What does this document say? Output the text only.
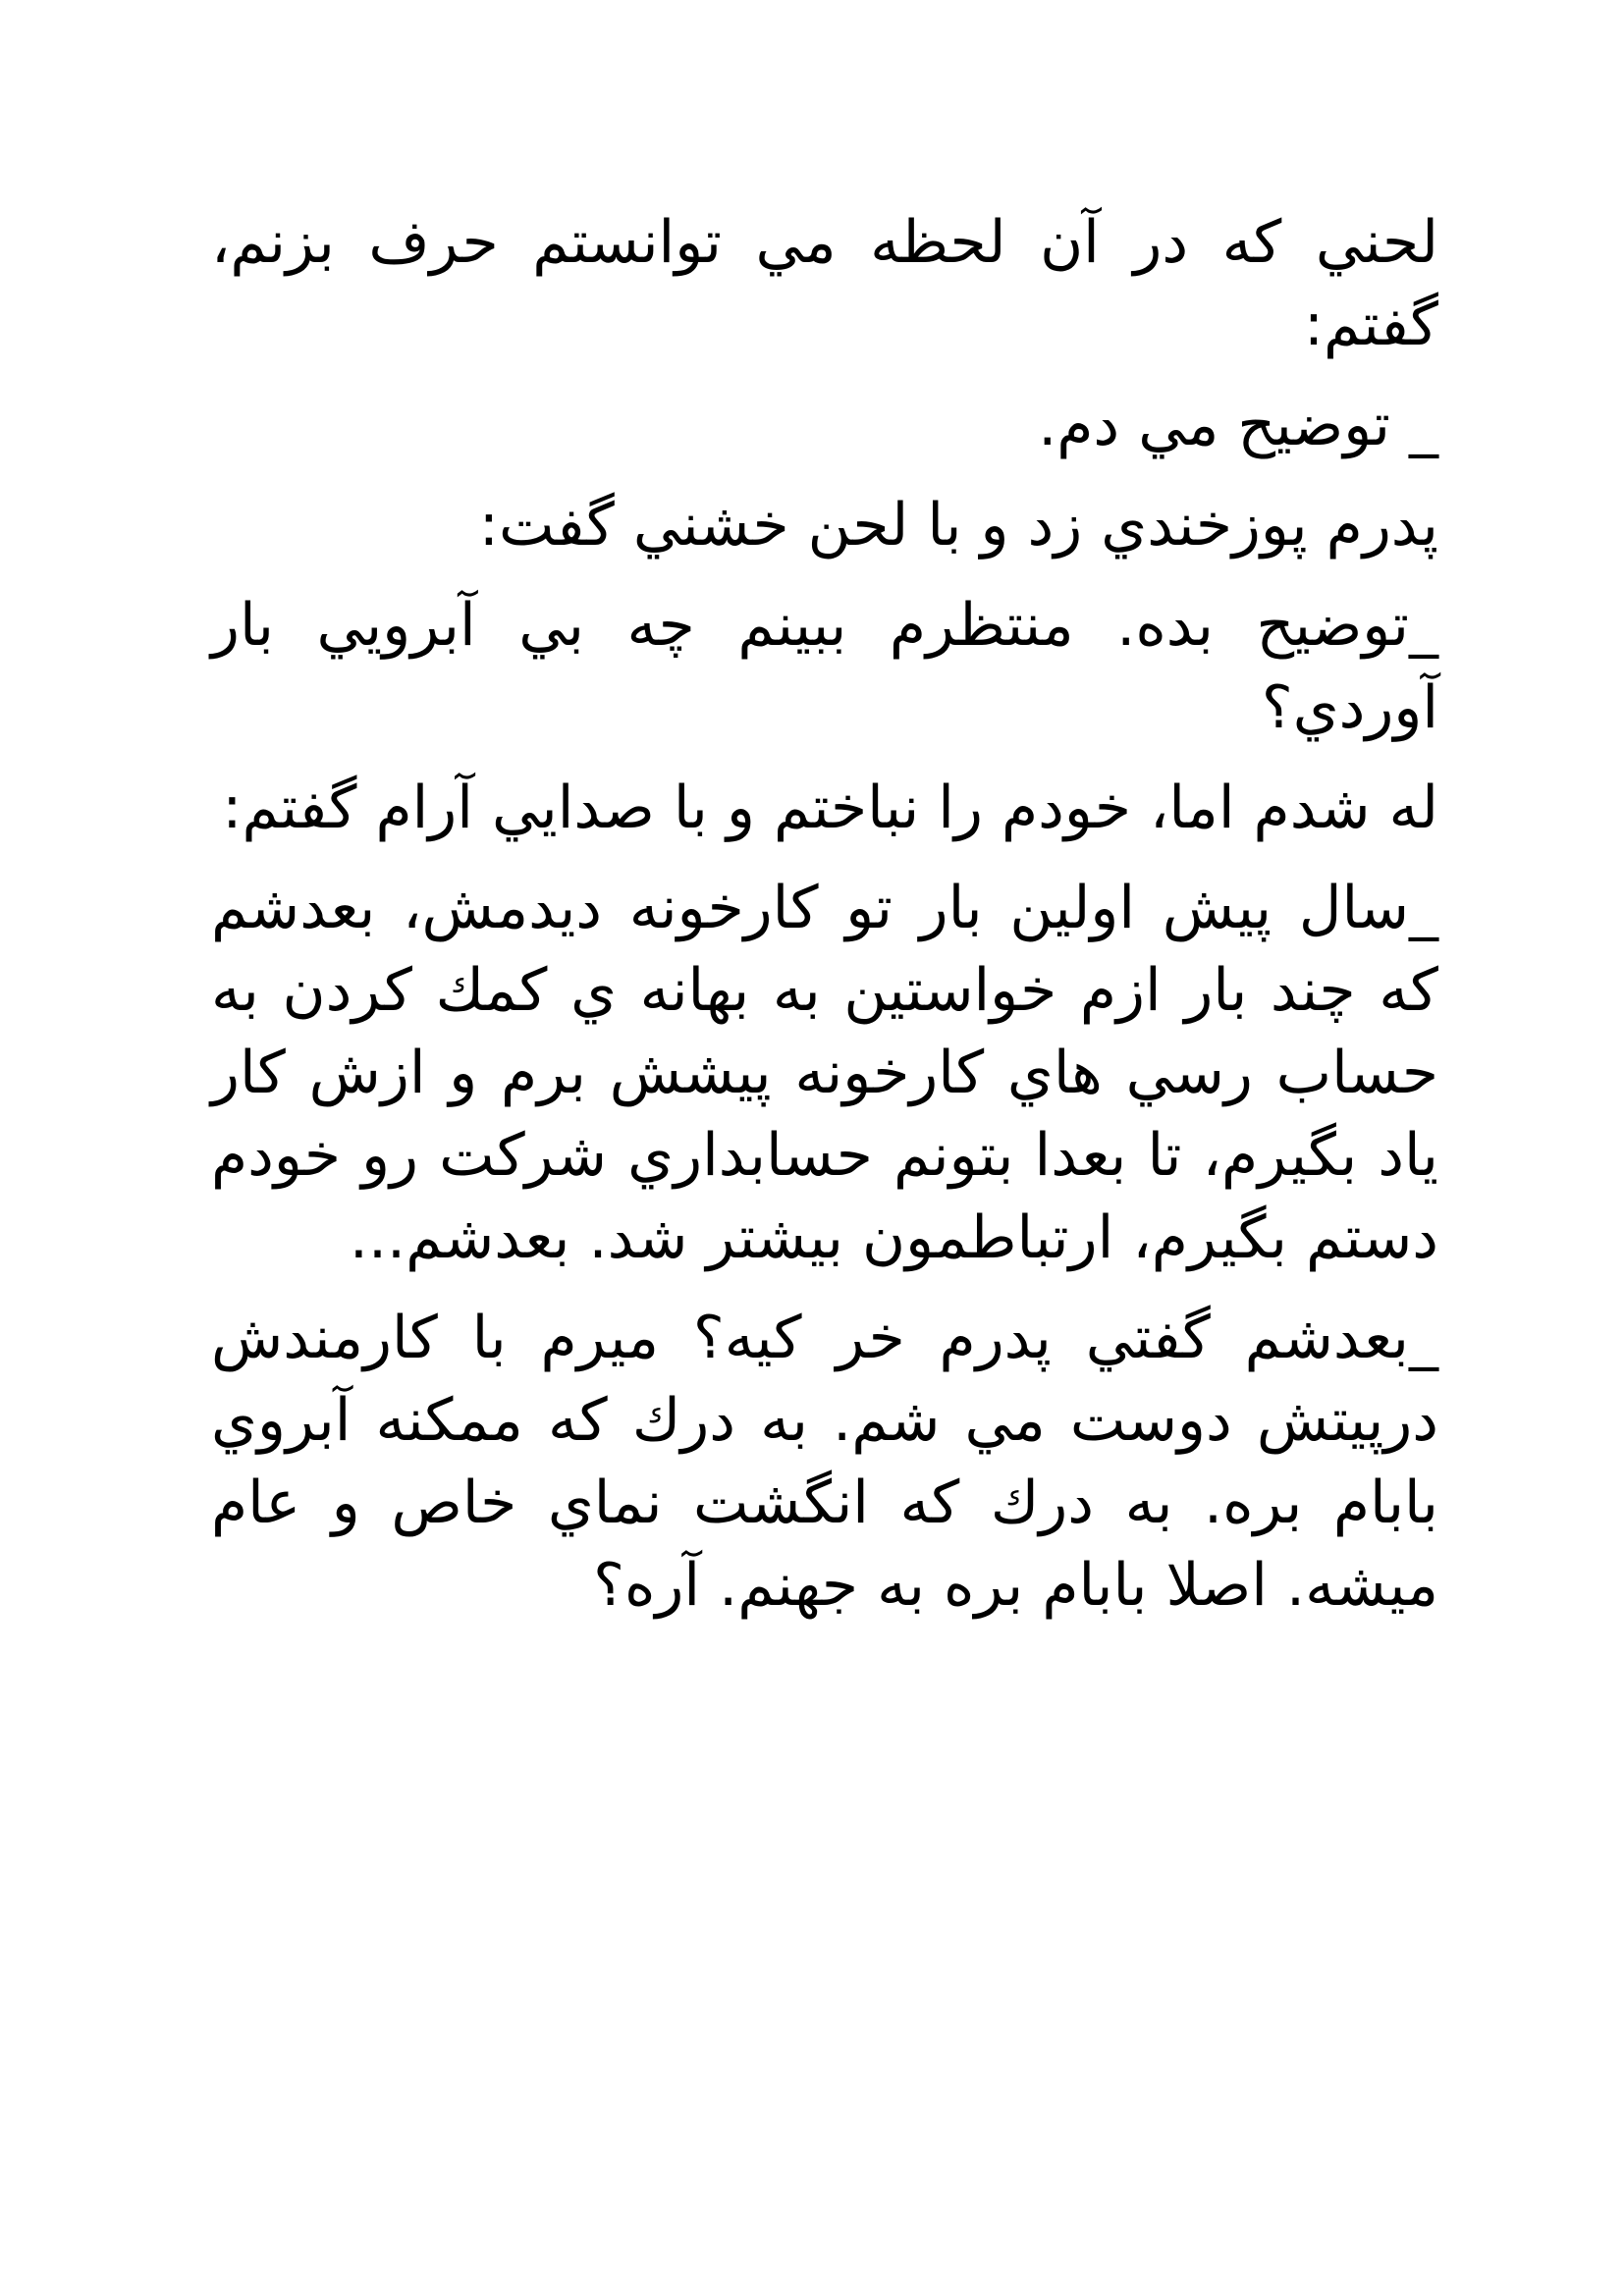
لحني كه در آن لحظه مي توانستم حرف بزنم، گفتم:

_ توضيح مي دم.

پدرم پوزخندي زد و با لحن خشني گفت:

_توضيح بده. منتظرم ببينم چه بي آبرويي بار آوردي؟

له شدم اما، خودم را نباختم و با صدايي آرام گفتم:

_سال پيش اولين بار تو كارخونه ديدمش، بعدشم كه چند بار ازم خواستين به بهانه ي كمك كردن به حساب رسي هاي كارخونه پيشش برم و ازش كار ياد بگيرم، تا بعدا بتونم حسابداري شركت رو خودم دستم بگيرم، ارتباطمون بيشتر شد. بعدشم...

_بعدشم گفتي پدرم خر كيه؟ ميرم با كارمندش درپيتش دوست مي شم. به درك كه ممكنه آبروي بابام بره. به درك كه انگشت نماي خاص و عام ميشه. اصلا بابام بره به جهنم. آره؟
